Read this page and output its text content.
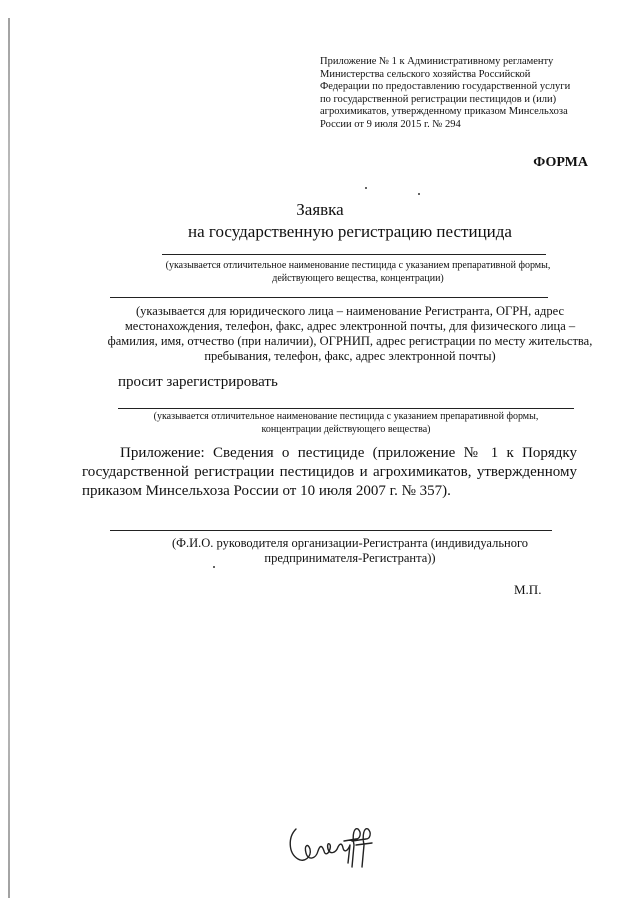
Приложение № 1 к Административному регламенту
Министерства сельского хозяйства Российской
Федерации по предоставлению государственной услуги
по государственной регистрации пестицидов и (или)
агрохимикатов, утвержденному приказом Минсельхоза
России от 9 июля 2015 г. № 294
ФОРМА
Заявка
на государственную регистрацию пестицида
(указывается отличительное наименование пестицида с указанием препаративной формы,
действующего вещества, концентрации)
(указывается для юридического лица – наименование Регистранта, ОГРН, адрес
местонахождения, телефон, факс, адрес электронной почты, для физического лица –
фамилия, имя, отчество (при наличии), ОГРНИП, адрес регистрации по месту жительства,
пребывания, телефон, факс, адрес электронной почты)
просит зарегистрировать
(указывается отличительное наименование пестицида с указанием препаративной формы,
концентрации действующего вещества)
Приложение: Сведения о пестициде (приложение № 1 к Порядку
государственной регистрации пестицидов и агрохимикатов, утвержденному
приказом Минсельхоза России от 10 июля 2007 г. № 357).
(Ф.И.О. руководителя организации-Регистранта (индивидуального
предпринимателя-Регистранта))
М.П.
